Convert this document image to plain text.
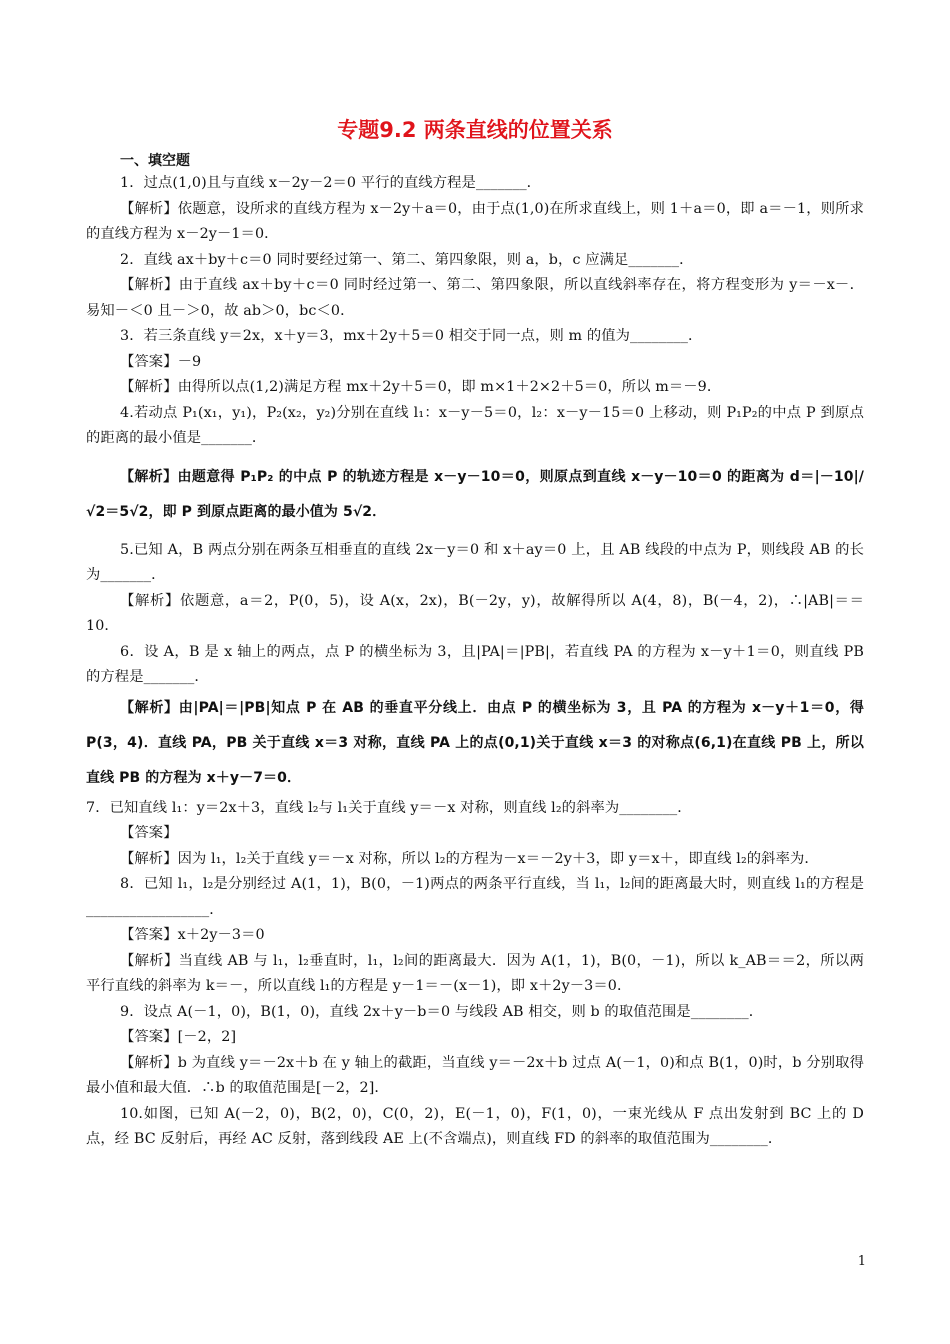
专题9.2 两条直线的位置关系
一、填空题

1．过点(1,0)且与直线 x－2y－2＝0 平行的直线方程是_______．

【解析】依题意，设所求的直线方程为 x－2y＋a＝0，由于点(1,0)在所求直线上，则 1＋a＝0，即 a＝－1，则所求的直线方程为 x－2y－1＝0．

2．直线 ax＋by＋c＝0 同时要经过第一、第二、第四象限，则 a，b，c 应满足_______．

【解析】由于直线 ax＋by＋c＝0 同时经过第一、第二、第四象限，所以直线斜率存在，将方程变形为 y＝－x－．易知－＜0 且－＞0，故 ab＞0，bc＜0．

3．若三条直线 y＝2x，x＋y＝3，mx＋2y＋5＝0 相交于同一点，则 m 的值为________．

【答案】－9

【解析】由得所以点(1,2)满足方程 mx＋2y＋5＝0，即 m×1＋2×2＋5＝0，所以 m＝－9．

4.若动点 P₁(x₁，y₁)，P₂(x₂，y₂)分别在直线 l₁：x－y－5＝0，l₂：x－y－15＝0 上移动，则 P₁P₂的中点 P 到原点的距离的最小值是_______．

【解析】由题意得 P₁P₂ 的中点 P 的轨迹方程是 x－y－10＝0，则原点到直线 x－y－10＝0 的距离为 d＝|－10|/√2＝5√2，即 P 到原点距离的最小值为 5√2．

5.已知 A，B 两点分别在两条互相垂直的直线 2x－y＝0 和 x＋ay＝0 上，且 AB 线段的中点为 P，则线段 AB 的长为_______．

【解析】依题意，a＝2，P(0，5)，设 A(x，2x)，B(－2y，y)，故解得所以 A(4，8)，B(－4，2)，∴|AB|＝＝10．

6．设 A，B 是 x 轴上的两点，点 P 的横坐标为 3，且|PA|＝|PB|，若直线 PA 的方程为 x－y＋1＝0，则直线 PB 的方程是_______．

【解析】由|PA|＝|PB|知点 P 在 AB 的垂直平分线上．由点 P 的横坐标为 3，且 PA 的方程为 x－y＋1＝0，得 P(3，4)．直线 PA，PB 关于直线 x＝3 对称，直线 PA 上的点(0,1)关于直线 x＝3 的对称点(6,1)在直线 PB 上，所以直线 PB 的方程为 x＋y－7＝0．

7．已知直线 l₁：y＝2x＋3，直线 l₂与 l₁关于直线 y＝－x 对称，则直线 l₂的斜率为________．

【答案】

【解析】因为 l₁，l₂关于直线 y＝－x 对称，所以 l₂的方程为－x＝－2y＋3，即 y＝x＋，即直线 l₂的斜率为．

8．已知 l₁，l₂是分别经过 A(1，1)，B(0，－1)两点的两条平行直线，当 l₁，l₂间的距离最大时，则直线 l₁的方程是_________________．

【答案】x＋2y－3＝0

【解析】当直线 AB 与 l₁，l₂垂直时，l₁，l₂间的距离最大．因为 A(1，1)，B(0，－1)，所以 k_AB＝＝2，所以两平行直线的斜率为 k＝－，所以直线 l₁的方程是 y－1＝－(x－1)，即 x＋2y－3＝0．

9．设点 A(－1，0)，B(1，0)，直线 2x＋y－b＝0 与线段 AB 相交，则 b 的取值范围是________．

【答案】[－2，2]

【解析】b 为直线 y＝－2x＋b 在 y 轴上的截距，当直线 y＝－2x＋b 过点 A(－1，0)和点 B(1，0)时，b 分别取得最小值和最大值．∴b 的取值范围是[－2，2]．

10.如图，已知 A(－2，0)，B(2，0)，C(0，2)，E(－1，0)，F(1，0)，一束光线从 F 点出发射到 BC 上的 D 点，经 BC 反射后，再经 AC 反射，落到线段 AE 上(不含端点)，则直线 FD 的斜率的取值范围为________．

1
